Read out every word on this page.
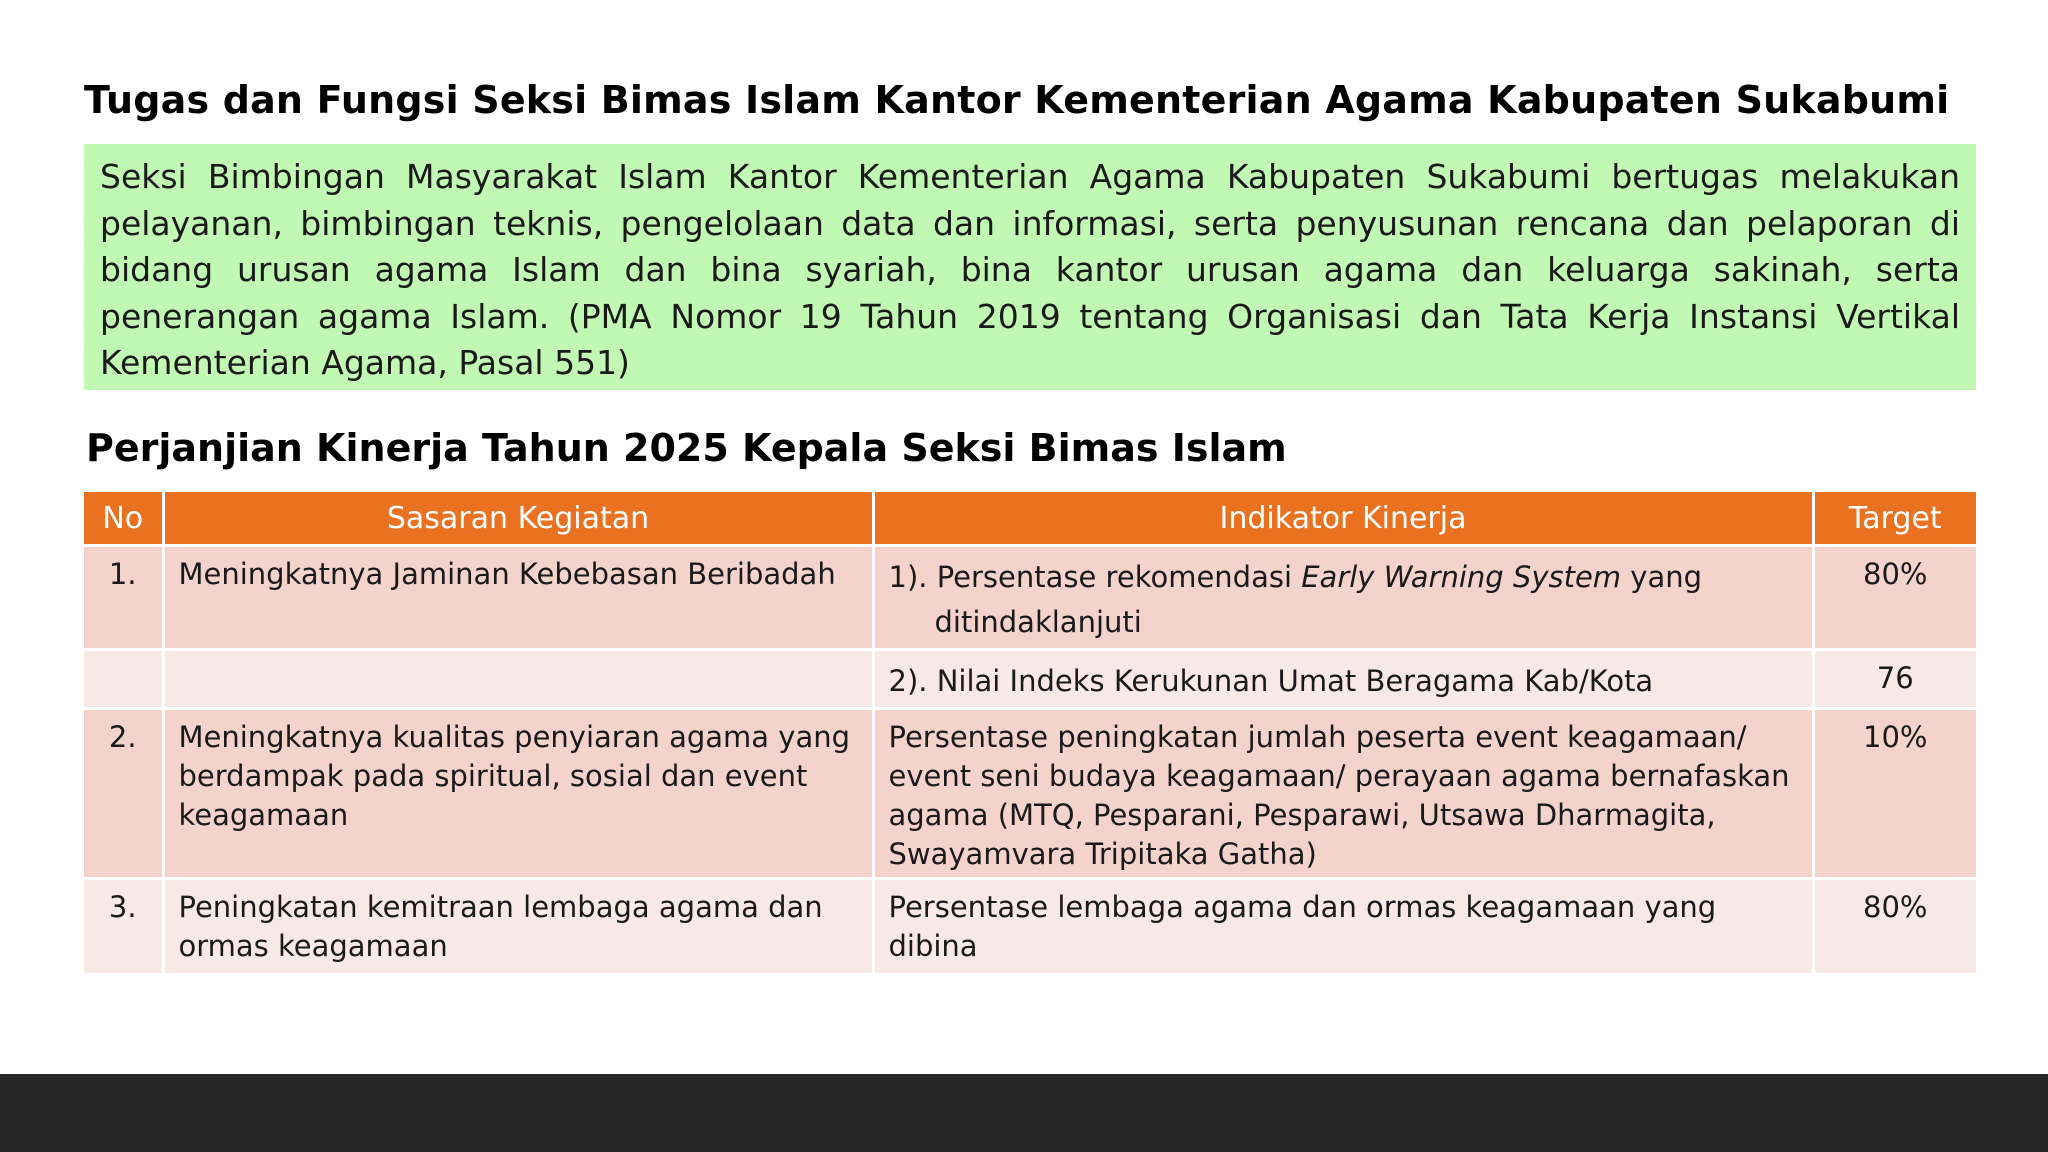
Tugas dan Fungsi Seksi Bimas Islam Kantor Kementerian Agama Kabupaten Sukabumi
Seksi Bimbingan Masyarakat Islam Kantor Kementerian Agama Kabupaten Sukabumi bertugas melakukan pelayanan, bimbingan teknis, pengelolaan data dan informasi, serta penyusunan rencana dan pelaporan di bidang urusan agama Islam dan bina syariah, bina kantor urusan agama dan keluarga sakinah, serta penerangan agama Islam. (PMA Nomor 19 Tahun 2019 tentang Organisasi dan Tata Kerja Instansi Vertikal Kementerian Agama, Pasal 551)
Perjanjian Kinerja Tahun 2025 Kepala Seksi Bimas Islam
No	Sasaran Kegiatan	Indikator Kinerja	Target
1.	Meningkatnya Jaminan Kebebasan Beribadah	1). Persentase rekomendasi Early Warning System yang ditindaklanjuti	80%

		2). Nilai Indeks Kerukunan Umat Beragama Kab/Kota	76
2.	Meningkatnya kualitas penyiaran agama yang berdampak pada spiritual, sosial dan event keagamaan	Persentase peningkatan jumlah peserta event keagamaan/ event seni budaya keagamaan/ perayaan agama bernafaskan agama (MTQ, Pesparani, Pesparawi, Utsawa Dharmagita, Swayamvara Tripitaka Gatha)	10%
3.	Peningkatan kemitraan lembaga agama dan ormas keagamaan	Persentase lembaga agama dan ormas keagamaan yang dibina	80%
